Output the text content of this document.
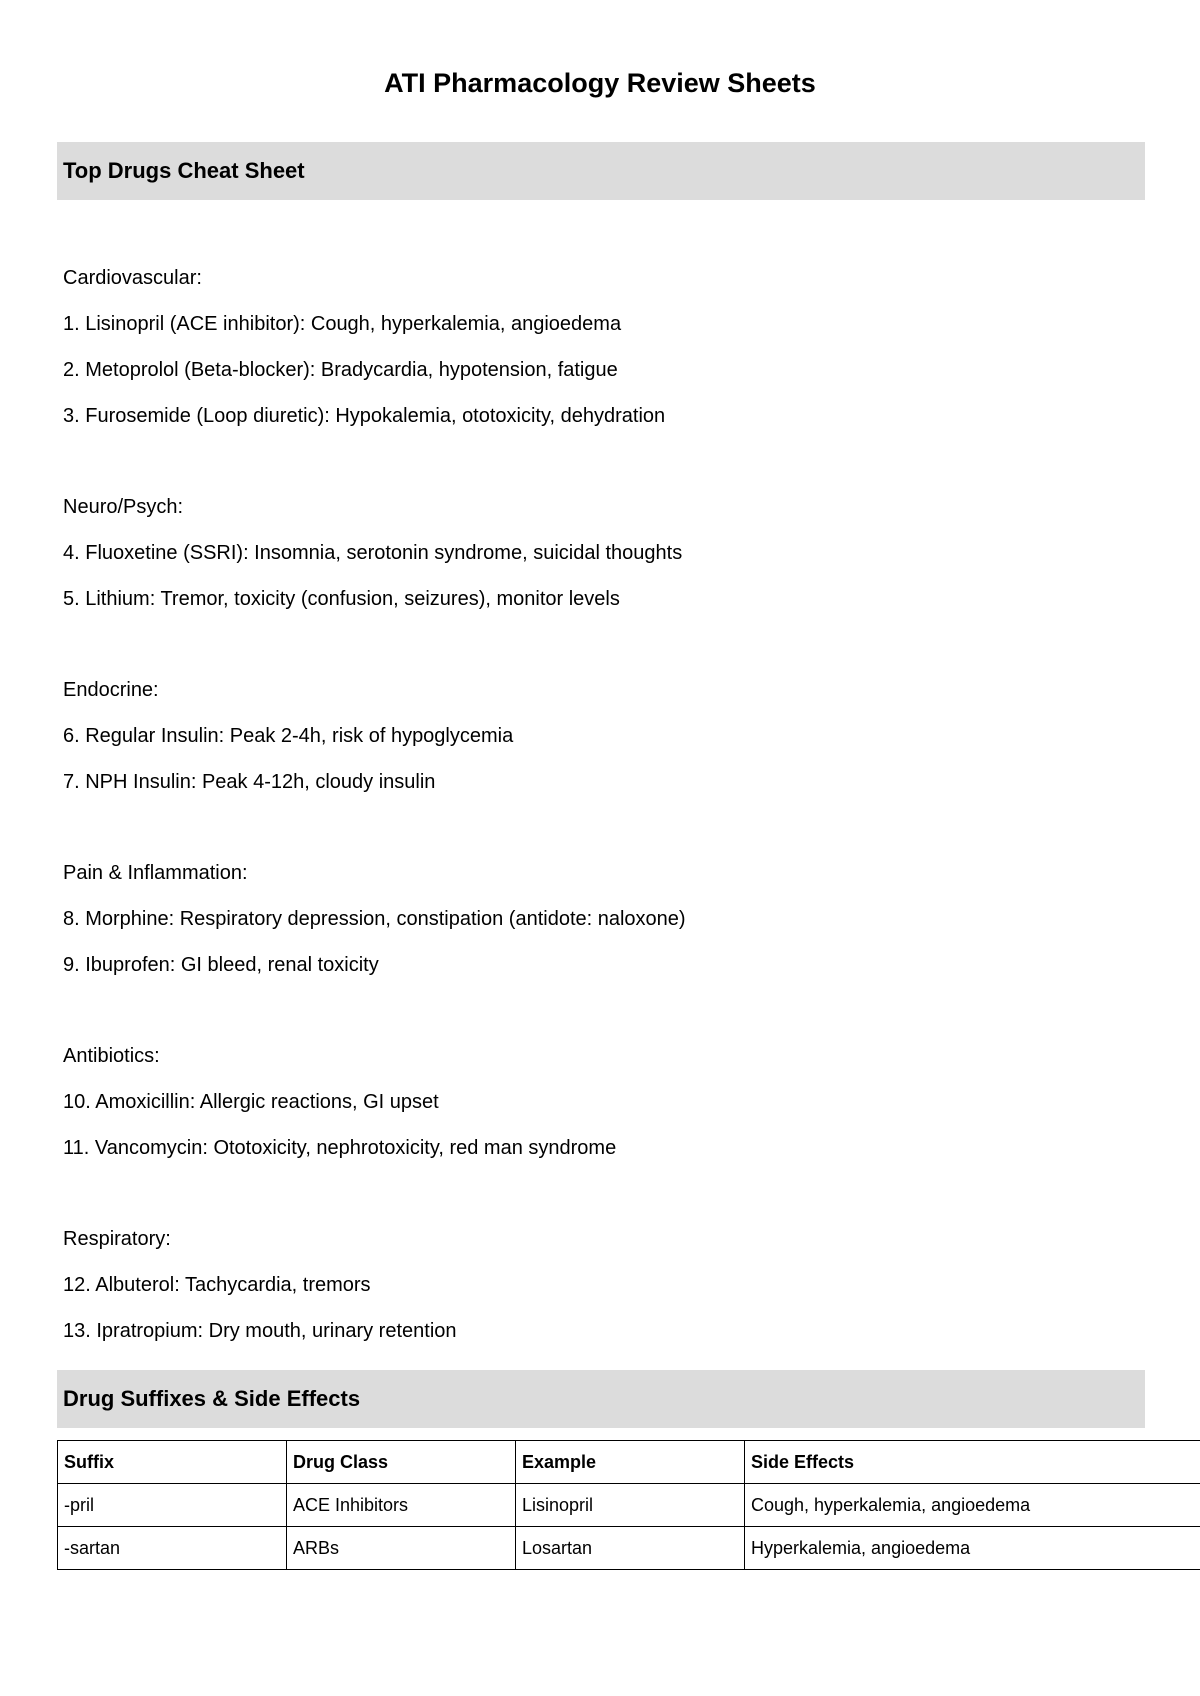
ATI Pharmacology Review Sheets
Top Drugs Cheat Sheet
Cardiovascular:
1. Lisinopril (ACE inhibitor): Cough, hyperkalemia, angioedema
2. Metoprolol (Beta-blocker): Bradycardia, hypotension, fatigue
3. Furosemide (Loop diuretic): Hypokalemia, ototoxicity, dehydration
Neuro/Psych:
4. Fluoxetine (SSRI): Insomnia, serotonin syndrome, suicidal thoughts
5. Lithium: Tremor, toxicity (confusion, seizures), monitor levels
Endocrine:
6. Regular Insulin: Peak 2-4h, risk of hypoglycemia
7. NPH Insulin: Peak 4-12h, cloudy insulin
Pain & Inflammation:
8. Morphine: Respiratory depression, constipation (antidote: naloxone)
9. Ibuprofen: GI bleed, renal toxicity
Antibiotics:
10. Amoxicillin: Allergic reactions, GI upset
11. Vancomycin: Ototoxicity, nephrotoxicity, red man syndrome
Respiratory:
12. Albuterol: Tachycardia, tremors
13. Ipratropium: Dry mouth, urinary retention
Drug Suffixes & Side Effects
Suffix	Drug Class	Example	Side Effects
-pril	ACE Inhibitors	Lisinopril	Cough, hyperkalemia, angioedema
-sartan	ARBs	Losartan	Hyperkalemia, angioedema
